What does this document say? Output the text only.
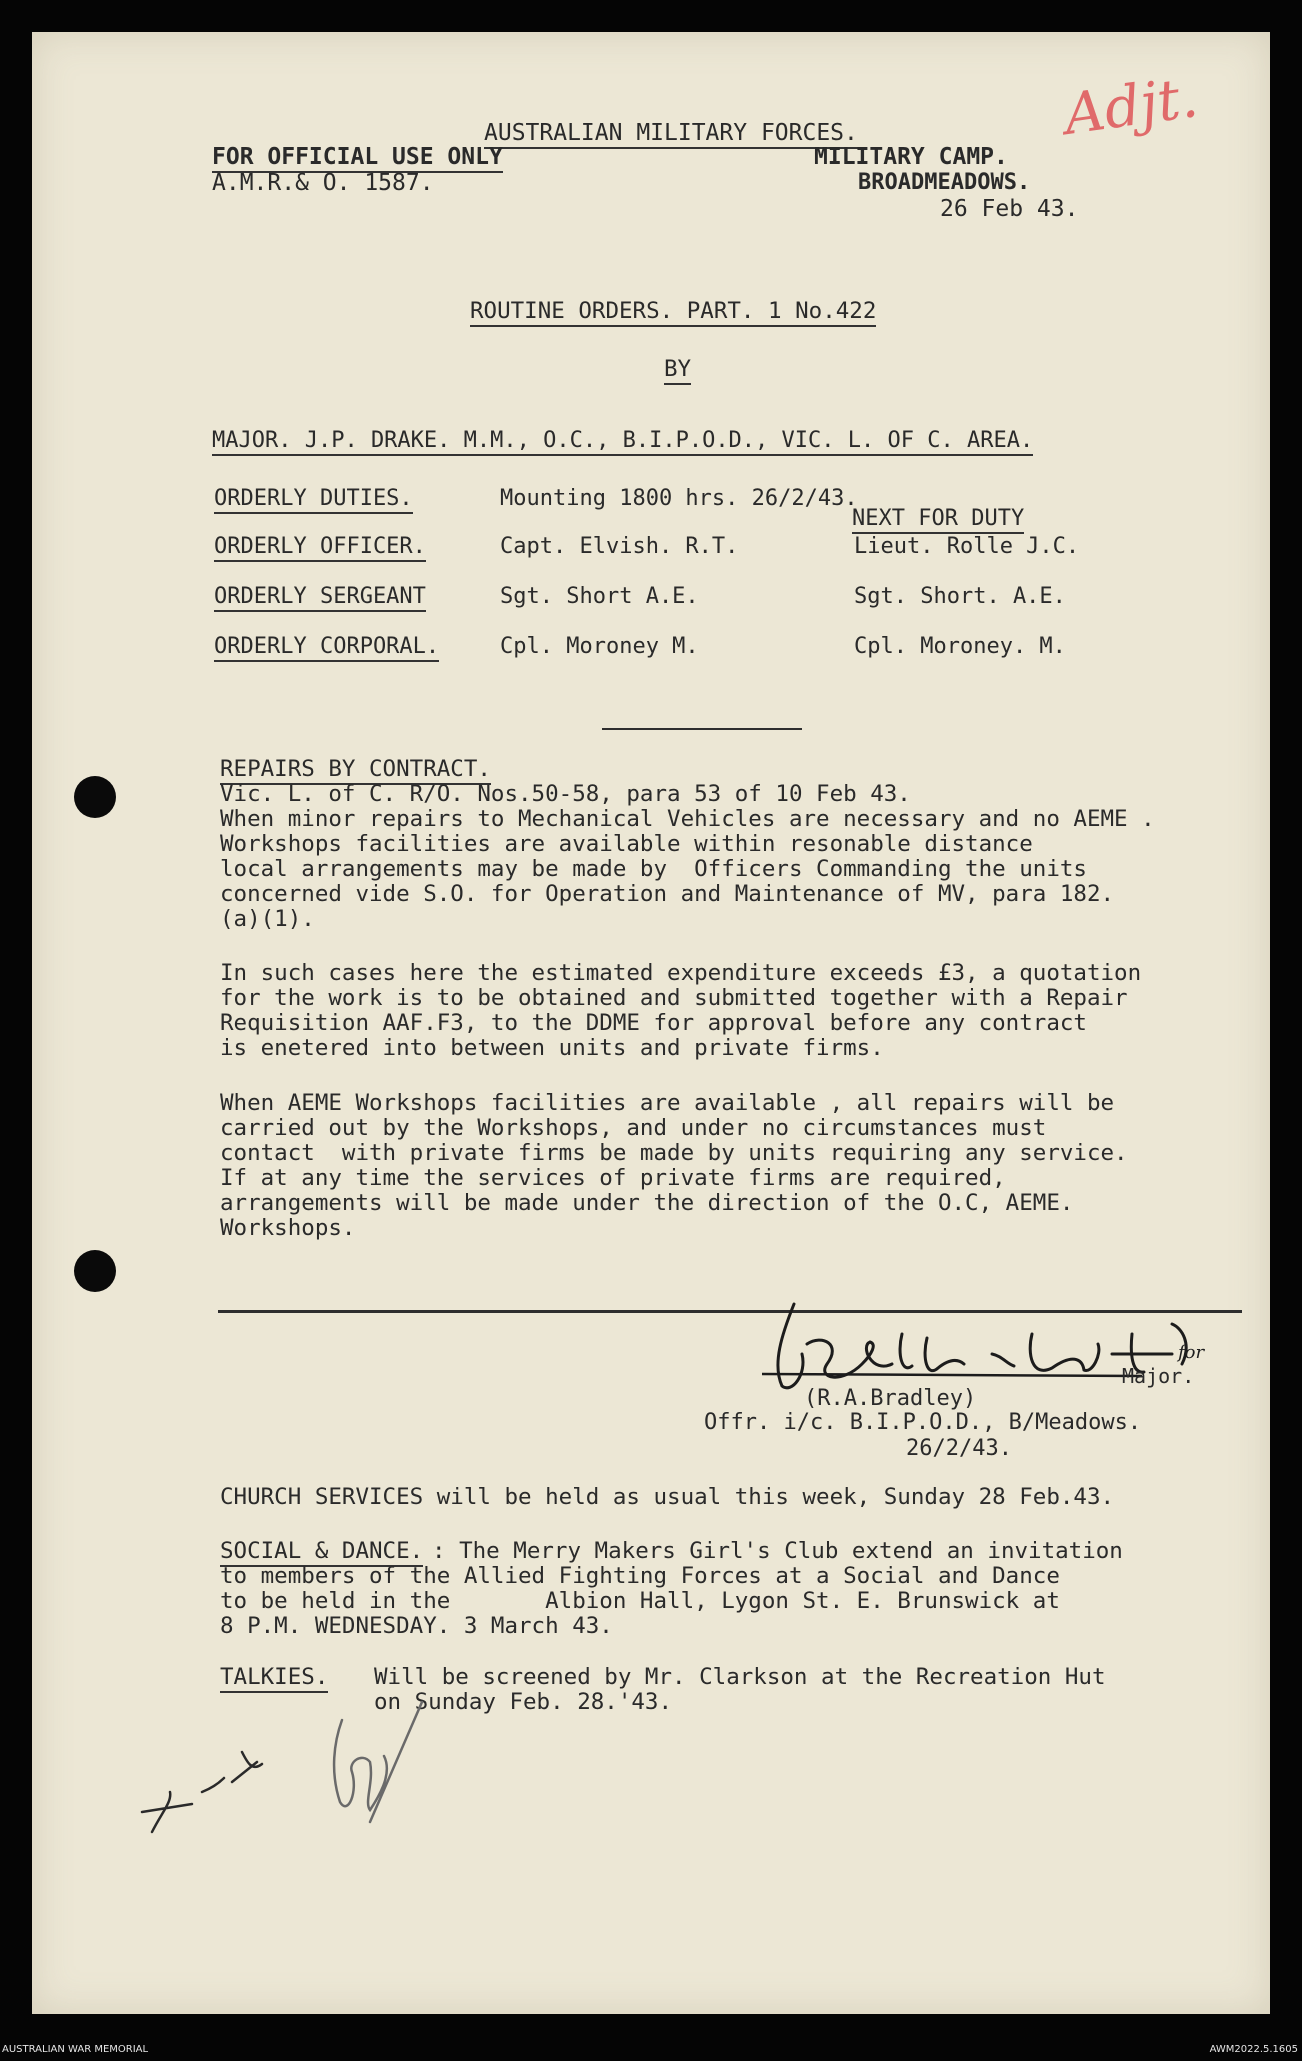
Adjt.
AUSTRALIAN MILITARY FORCES.
FOR OFFICIAL USE ONLY
A.M.R.& O. 1587.
MILITARY CAMP.
BROADMEADOWS.
26 Feb 43.
ROUTINE ORDERS. PART. 1 No.422
BY
MAJOR. J.P. DRAKE. M.M., O.C., B.I.P.O.D., VIC. L. OF C. AREA.
NEXT FOR DUTY
ORDERLY DUTIES.	Mounting 1800 hrs. 26/2/43.
ORDERLY OFFICER.	Capt. Elvish. R.T.	Lieut. Rolle J.C.
ORDERLY SERGEANT	Sgt. Short A.E.	Sgt. Short. A.E.
ORDERLY CORPORAL.	Cpl. Moroney M.	Cpl. Moroney. M.
REPAIRS BY CONTRACT.
Vic. L. of C. R/O. Nos.50-58, para 53 of 10 Feb 43.
When minor repairs to Mechanical Vehicles are necessary and no AEME .
Workshops facilities are available within resonable distance
local arrangements may be made by  Officers Commanding the units
concerned vide S.O. for Operation and Maintenance of MV, para 182.
(a)(1).
In such cases here the estimated expenditure exceeds £3, a quotation
for the work is to be obtained and submitted together with a Repair
Requisition AAF.F3, to the DDME for approval before any contract
is enetered into between units and private firms.
When AEME Workshops facilities are available , all repairs will be
carried out by the Workshops, and under no circumstances must
contact  with private firms be made by units requiring any service.
If at any time the services of private firms are required,
arrangements will be made under the direction of the O.C, AEME.
Workshops.
for
Major.
(R.A.Bradley)
Offr. i/c. B.I.P.O.D., B/Meadows.
26/2/43.
CHURCH SERVICES will be held as usual this week, Sunday 28 Feb.43.
SOCIAL & DANCE. : The Merry Makers Girl's Club extend an invitation
to members of the Allied Fighting Forces at a Social and Dance
to be held in the       Albion Hall, Lygon St. E. Brunswick at
8 P.M. WEDNESDAY. 3 March 43.
TALKIES. Will be screened by Mr. Clarkson at the Recreation Hut
on Sunday Feb. 28.'43.
AUSTRALIAN WAR MEMORIAL	AWM2022.5.1605
